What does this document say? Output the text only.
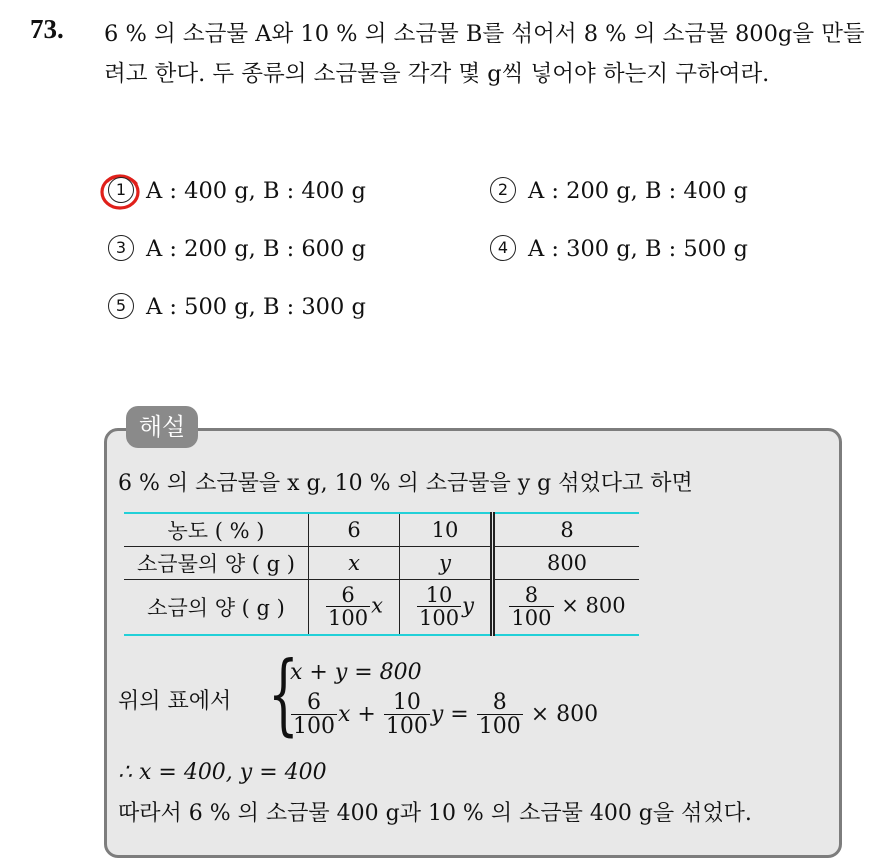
73. 6 % 의 소금물 A와 10 % 의 소금물 B를 섞어서 8 % 의 소금물 800g을 만들려고 한다. 두 종류의 소금물을 각각 몇 g씩 넣어야 하는지 구하여라.
1 A : 400 g, B : 400 g	2 A : 200 g, B : 400 g
3 A : 200 g, B : 600 g	4 A : 300 g, B : 500 g
5 A : 500 g, B : 300 g
해설
6 % 의 소금물을 x g, 10 % 의 소금물을 y g 섞었다고 하면
농도 ( % )	6	10	8
소금물의 양 ( g )	x	y	800
소금의 양 ( g )	$\frac{6}{100}$ x	$\frac{10}{100}$ y	$\frac{8}{100} \times 800$
위의 표에서 {
x + y = 800
$\frac{6}{100}$ $x + \frac{10}{100}$ $y = \frac{8}{100} \times 800$
∴ x = 400, y = 400
따라서 6 % 의 소금물 400 g과 10 % 의 소금물 400 g을 섞었다.
